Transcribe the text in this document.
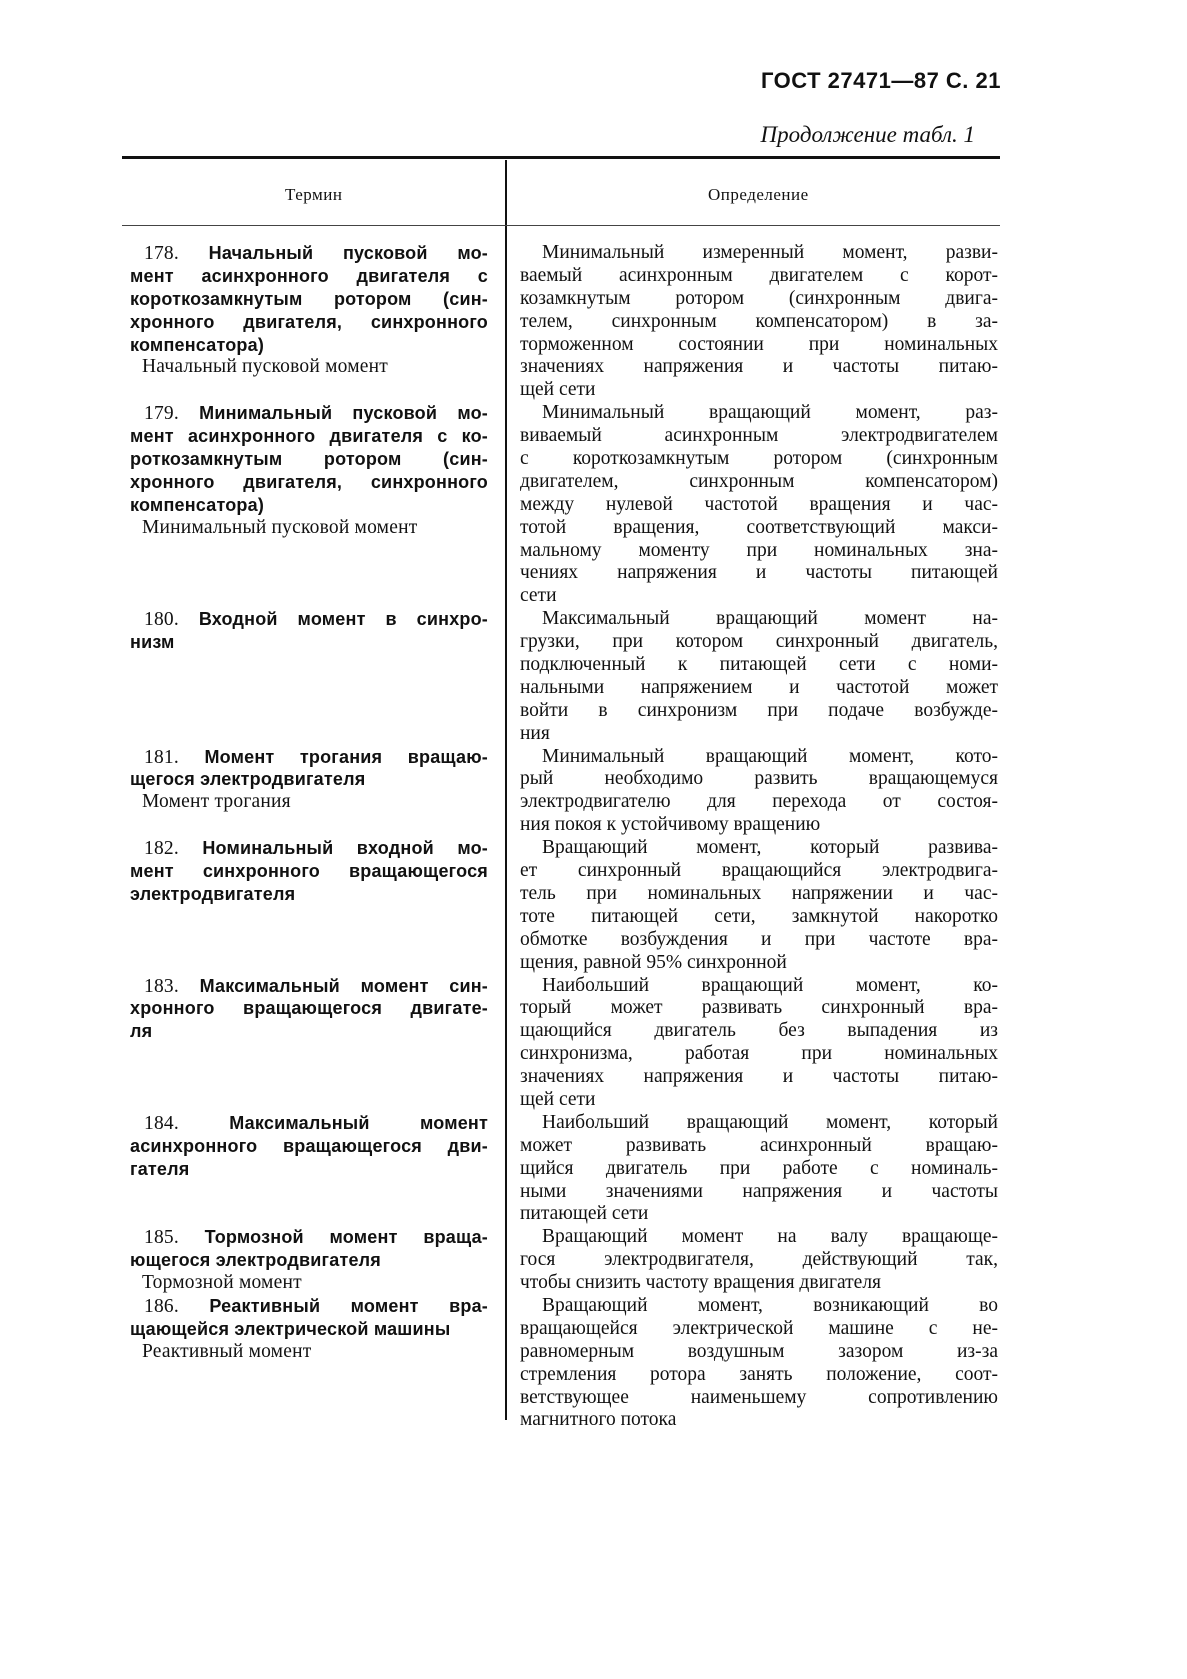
ГОСТ 27471—87 С. 21
Продолжение табл. 1
Термин	Определение
178. Начальный пусковой мо-
мент асинхронного двигателя с
короткозамкнутым ротором (син-
хронного двигателя, синхронного
компенсатора)
Начальный пусковой момент
Минимальный измеренный момент, разви-
ваемый асинхронным двигателем с корот-
козамкнутым ротором (синхронным двига-
телем, синхронным компенсатором) в за-
торможенном состоянии при номинальных
значениях напряжения и частоты питаю-
щей сети
179. Минимальный пусковой мо-
мент асинхронного двигателя с ко-
роткозамкнутым ротором (син-
хронного двигателя, синхронного
компенсатора)
Минимальный пусковой момент
Минимальный вращающий момент, раз-
виваемый асинхронным электродвигателем
с короткозамкнутым ротором (синхронным
двигателем, синхронным компенсатором)
между нулевой частотой вращения и час-
тотой вращения, соответствующий макси-
мальному моменту при номинальных зна-
чениях напряжения и частоты питающей
сети
180. Входной момент в синхро-
низм
Максимальный вращающий момент на-
грузки, при котором синхронный двигатель,
подключенный к питающей сети с номи-
нальными напряжением и частотой может
войти в синхронизм при подаче возбужде-
ния
181. Момент трогания вращаю-
щегося электродвигателя
Момент трогания
Минимальный вращающий момент, кото-
рый необходимо развить вращающемуся
электродвигателю для перехода от состоя-
ния покоя к устойчивому вращению
182. Номинальный входной мо-
мент синхронного вращающегося
электродвигателя
Вращающий момент, который развива-
ет синхронный вращающийся электродвига-
тель при номинальных напряжении и час-
тоте питающей сети, замкнутой накоротко
обмотке возбуждения и при частоте вра-
щения, равной 95% синхронной
183. Максимальный момент син-
хронного вращающегося двигате-
ля
Наибольший вращающий момент, ко-
торый может развивать синхронный вра-
щающийся двигатель без выпадения из
синхронизма, работая при номинальных
значениях напряжения и частоты питаю-
щей сети
184.	Максимальный момент
асинхронного вращающегося дви-
гателя
Наибольший вращающий момент, который
может развивать асинхронный вращаю-
щийся двигатель при работе с номиналь-
ными значениями напряжения и частоты
питающей сети
185. Тормозной момент враща-
ющегося электродвигателя
Тормозной момент
Вращающий момент на валу вращающе-
гося электродвигателя, действующий так,
чтобы снизить частоту вращения двигателя
186. Реактивный момент вра-
щающейся электрической машины
Реактивный момент
Вращающий момент, возникающий во
вращающейся электрической машине с не-
равномерным воздушным зазором из-за
стремления ротора занять положение, соот-
ветствующее наименьшему сопротивлению
магнитного потока
